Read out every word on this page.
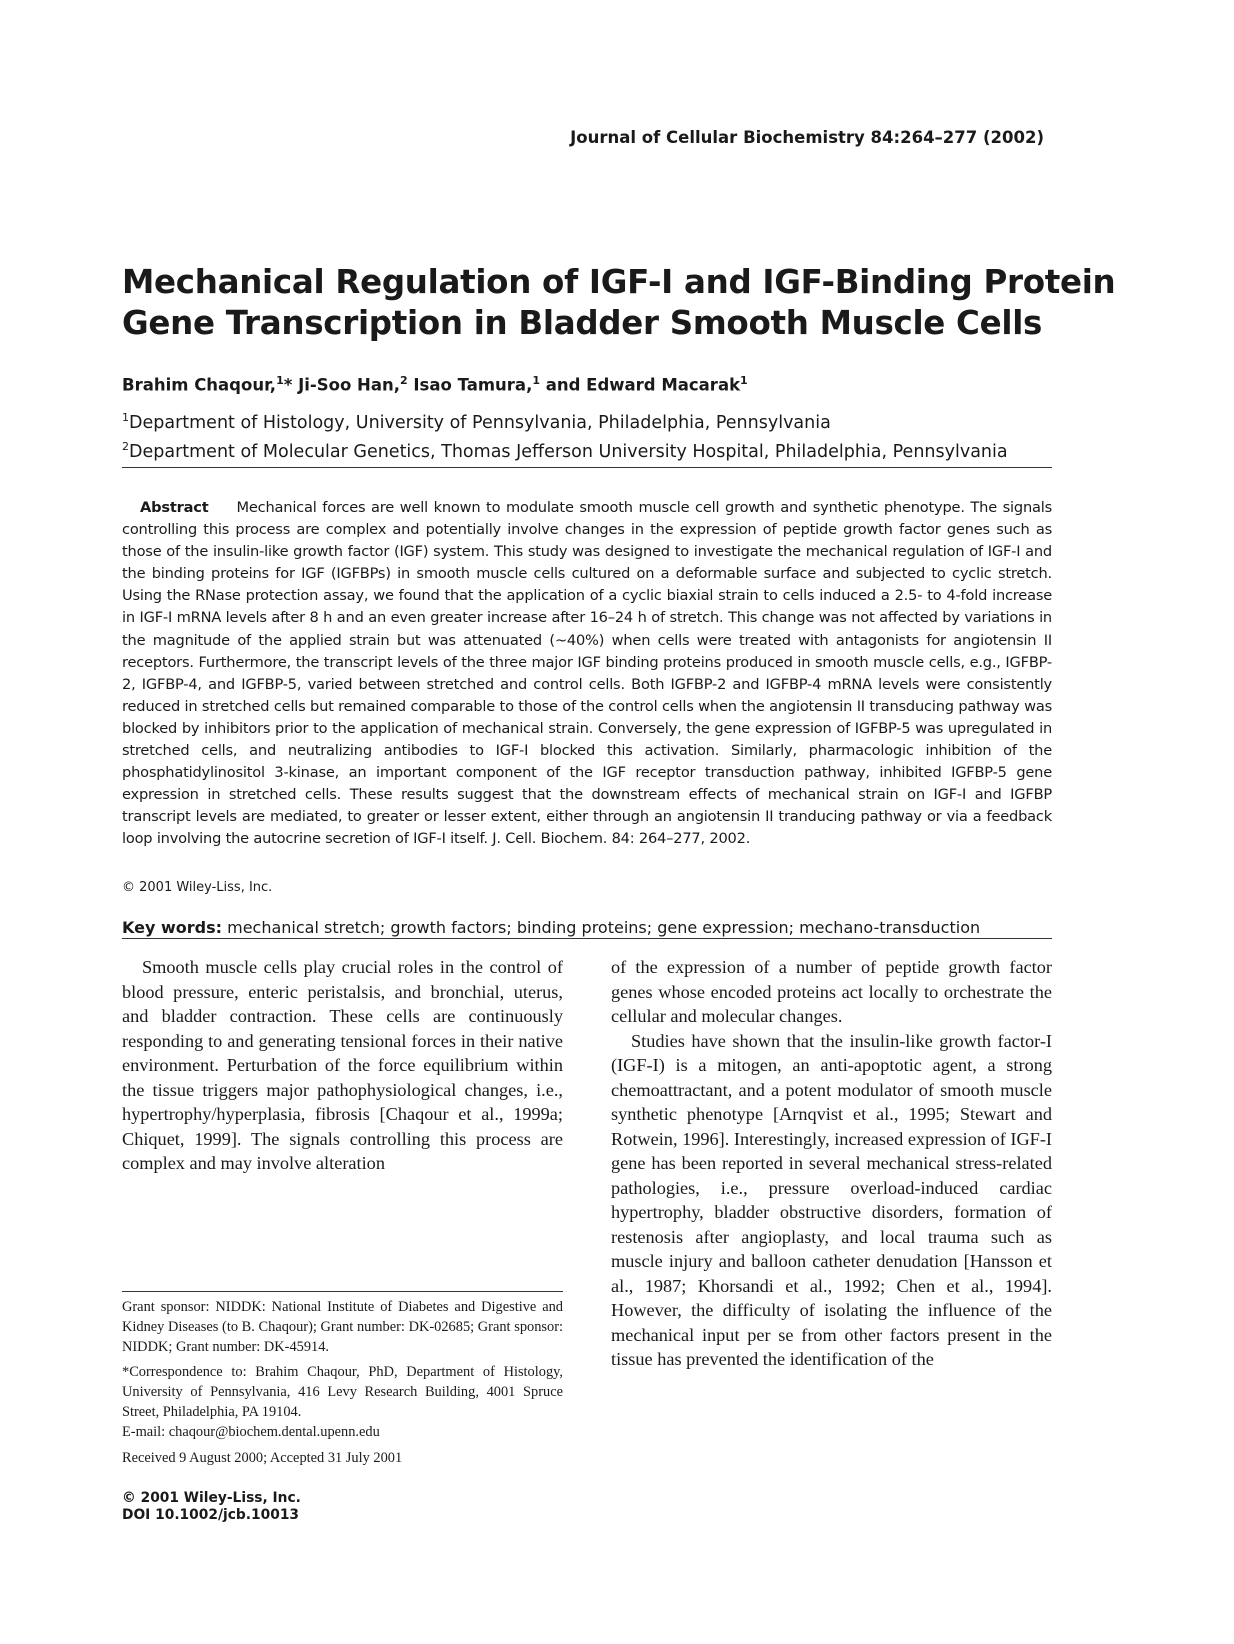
Journal of Cellular Biochemistry 84:264–277 (2002)
Mechanical Regulation of IGF-I and IGF-Binding Protein
Gene Transcription in Bladder Smooth Muscle Cells
Brahim Chaqour,$^1$* Ji-Soo Han,$^2$ Isao Tamura,$^1$ and Edward Macarak$^1$
$^1$Department of Histology, University of Pennsylvania, Philadelphia, Pennsylvania
$^2$Department of Molecular Genetics, Thomas Jefferson University Hospital, Philadelphia, Pennsylvania

Abstract Mechanical forces are well known to modulate smooth muscle cell growth and synthetic phenotype. The signals controlling this process are complex and potentially involve changes in the expression of peptide growth factor genes such as those of the insulin-like growth factor (IGF) system. This study was designed to investigate the mechanical regulation of IGF-I and the binding proteins for IGF (IGFBPs) in smooth muscle cells cultured on a deformable surface and subjected to cyclic stretch. Using the RNase protection assay, we found that the application of a cyclic biaxial strain to cells induced a 2.5- to 4-fold increase in IGF-I mRNA levels after 8 h and an even greater increase after 16–24 h of stretch. This change was not affected by variations in the magnitude of the applied strain but was attenuated (∼40%) when cells were treated with antagonists for angiotensin II receptors. Furthermore, the transcript levels of the three major IGF binding proteins produced in smooth muscle cells, e.g., IGFBP-2, IGFBP-4, and IGFBP-5, varied between stretched and control cells. Both IGFBP-2 and IGFBP-4 mRNA levels were consistently reduced in stretched cells but remained comparable to those of the control cells when the angiotensin II transducing pathway was blocked by inhibitors prior to the application of mechanical strain. Conversely, the gene expression of IGFBP-5 was upregulated in stretched cells, and neutralizing antibodies to IGF-I blocked this activation. Similarly, pharmacologic inhibition of the phosphatidylinositol 3-kinase, an important component of the IGF receptor transduction pathway, inhibited IGFBP-5 gene expression in stretched cells. These results suggest that the downstream effects of mechanical strain on IGF-I and IGFBP transcript levels are mediated, to greater or lesser extent, either through an angiotensin II tranducing pathway or via a feedback loop involving the autocrine secretion of IGF-I itself. J. Cell. Biochem. 84: 264–277, 2002.

© 2001 Wiley-Liss, Inc.
Key words: mechanical stretch; growth factors; binding proteins; gene expression; mechano-transduction

Smooth muscle cells play crucial roles in the control of blood pressure, enteric peristalsis, and bronchial, uterus, and bladder contraction. These cells are continuously responding to and generating tensional forces in their native environment. Perturbation of the force equilibrium within the tissue triggers major pathophysiological changes, i.e., hypertrophy/hyperplasia, fibrosis [Chaqour et al., 1999a; Chiquet, 1999]. The signals controlling this process are complex and may involve alteration

of the expression of a number of peptide growth factor genes whose encoded proteins act locally to orchestrate the cellular and molecular changes.

Studies have shown that the insulin-like growth factor-I (IGF-I) is a mitogen, an anti-apoptotic agent, a strong chemoattractant, and a potent modulator of smooth muscle synthetic phenotype [Arnqvist et al., 1995; Stewart and Rotwein, 1996]. Interestingly, increased expression of IGF-I gene has been reported in several mechanical stress-related pathologies, i.e., pressure overload-induced cardiac hypertrophy, bladder obstructive disorders, formation of restenosis after angioplasty, and local trauma such as muscle injury and balloon catheter denudation [Hansson et al., 1987; Khorsandi et al., 1992; Chen et al., 1994]. However, the difficulty of isolating the influence of the mechanical input per se from other factors present in the tissue has prevented the identification of the

Grant sponsor: NIDDK: National Institute of Diabetes and Digestive and Kidney Diseases (to B. Chaqour); Grant number: DK-02685; Grant sponsor: NIDDK; Grant number: DK-45914.

*Correspondence to: Brahim Chaqour, PhD, Department of Histology, University of Pennsylvania, 416 Levy Research Building, 4001 Spruce Street, Philadelphia, PA 19104.

E-mail: chaqour@biochem.dental.upenn.edu

Received 9 August 2000; Accepted 31 July 2001

© 2001 Wiley-Liss, Inc.
DOI 10.1002/jcb.10013
